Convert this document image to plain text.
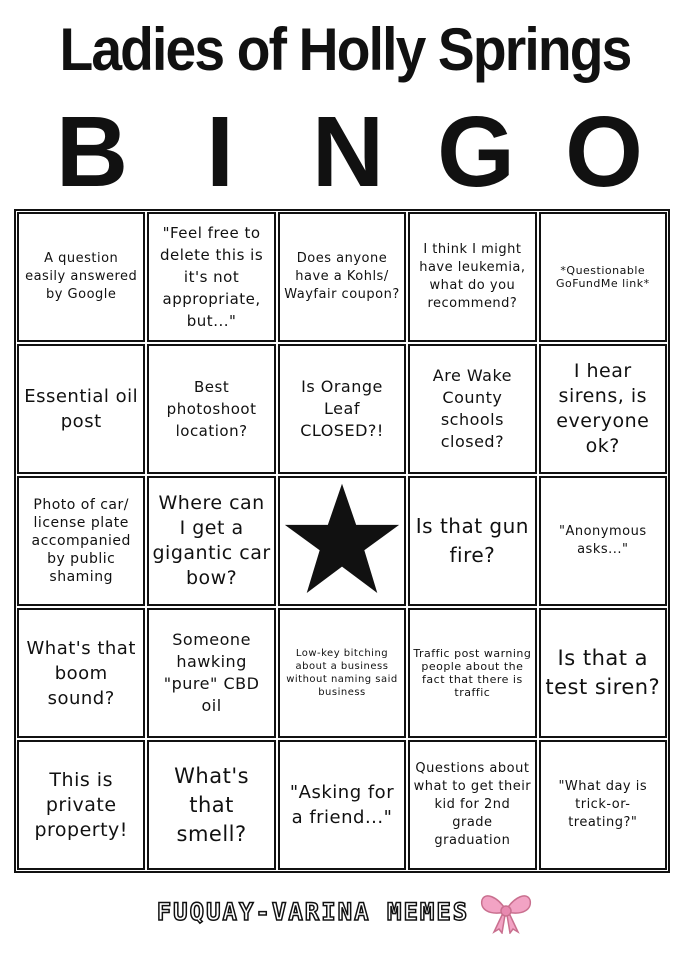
Ladies of Holly Springs
B I N G O
A question easily answered by Google
"Feel free to delete this is it's not appropriate, but..."
Does anyone have a Kohls/ Wayfair coupon?
I think I might have leukemia, what do you recommend?
*Questionable GoFundMe link*
Essential oil post
Best photoshoot location?
Is Orange Leaf CLOSED?!
Are Wake County schools closed?
I hear sirens, is everyone ok?
Photo of car/ license plate accompanied by public shaming
Where can I get a gigantic car bow?
Is that gun fire?
"Anonymous asks..."
What's that boom sound?
Someone hawking "pure" CBD oil
Low-key bitching about a business without naming said business
Traffic post warning people about the fact that there is traffic
Is that a test siren?
This is private property!
What's that smell?
"Asking for a friend..."
Questions about what to get their kid for 2nd grade graduation
"What day is trick-or-treating?"
FUQUAY-VARINA MEMES
